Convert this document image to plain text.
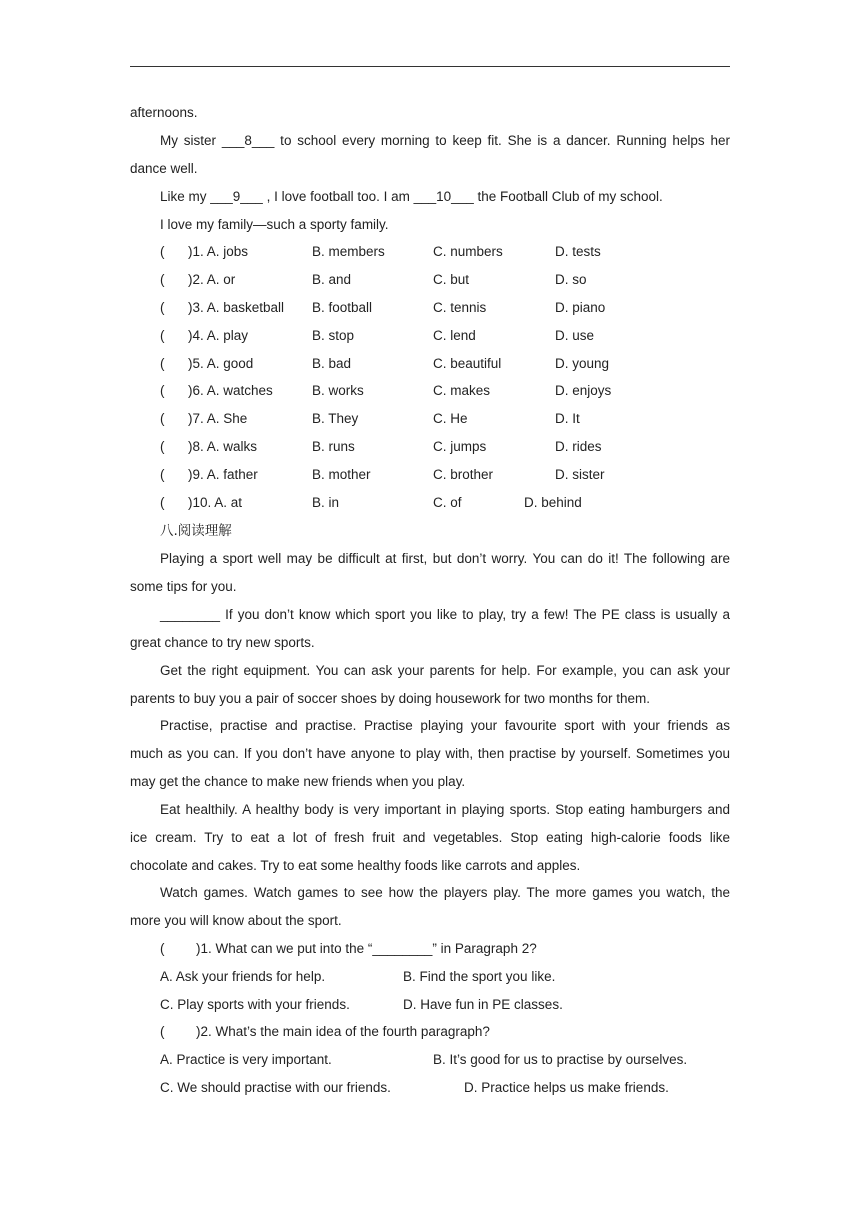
afternoons.
My sister ___8___ to school every morning to keep fit. She is a dancer. Running helps her
dance well.
Like my ___9___ , I love football too. I am ___10___ the Football Club of my school.
I love my family—such a sporty family.
( )1. A. jobs	B. members	C. numbers	D. tests
( )2. A. or	B. and	C. but	D. so
( )3. A. basketball B. football	C. tennis	D. piano
( )4. A. play	B. stop	C. lend	D. use
( )5. A. good	B. bad	C. beautiful	D. young
( )6. A. watches	B. works	C. makes	D. enjoys
( )7. A. She	B. They	C. He	D. It
( )8. A. walks	B. runs	C. jumps	D. rides
( )9. A. father	B. mother	C. brother	D. sister
( )10. A. at	B. in	C. of	D. behind
八.阅读理解
Playing a sport well may be difficult at first, but don’t worry. You can do it! The following are
some tips for you.
________ If you don’t know which sport you like to play, try a few! The PE class is usually a
great chance to try new sports.
Get the right equipment. You can ask your parents for help. For example, you can ask your
parents to buy you a pair of soccer shoes by doing housework for two months for them.
Practise, practise and practise. Practise playing your favourite sport with your friends as
much as you can. If you don’t have anyone to play with, then practise by yourself. Sometimes you
may get the chance to make new friends when you play.
Eat healthily. A healthy body is very important in playing sports. Stop eating hamburgers and
ice cream. Try to eat a lot of fresh fruit and vegetables. Stop eating high-calorie foods like
chocolate and cakes. Try to eat some healthy foods like carrots and apples.
Watch games. Watch games to see how the players play. The more games you watch, the
more you will know about the sport.
( )1. What can we put into the “________” in Paragraph 2?
A. Ask your friends for help.	B. Find the sport you like.
C. Play sports with your friends.	D. Have fun in PE classes.
( )2. What’s the main idea of the fourth paragraph?
A. Practice is very important.	B. It’s good for us to practise by ourselves.
C. We should practise with our friends.	D. Practice helps us make friends.
